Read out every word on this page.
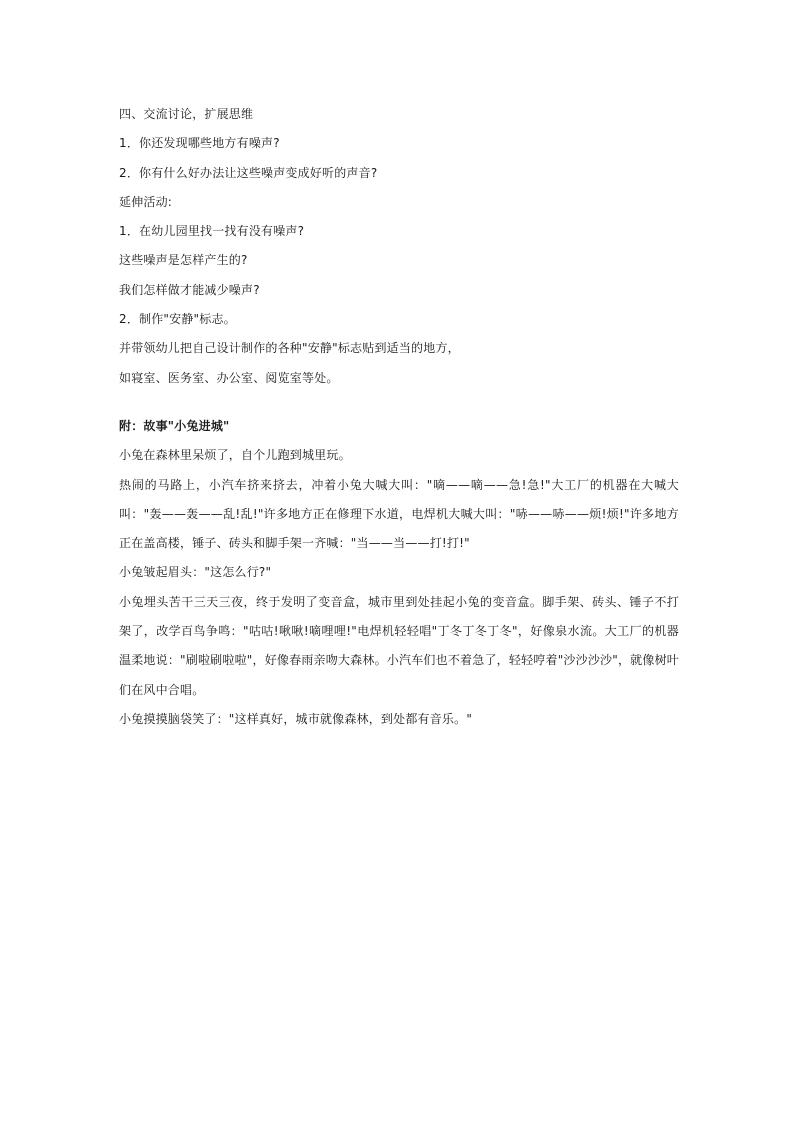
四、交流讨论，扩展思维

1．你还发现哪些地方有噪声?

2．你有什么好办法让这些噪声变成好听的声音?

延伸活动:

1．在幼儿园里找一找有没有噪声?

这些噪声是怎样产生的?

我们怎样做才能减少噪声?

2．制作"安静"标志。

并带领幼儿把自己设计制作的各种"安静"标志贴到适当的地方，

如寝室、医务室、办公室、阅览室等处。

附：故事"小兔进城"

小兔在森林里呆烦了，自个儿跑到城里玩。

热闹的马路上，小汽车挤来挤去，冲着小兔大喊大叫："嘀——嘀——急!急!"大工厂的机器在大喊大叫："轰——轰——乱!乱!"许多地方正在修理下水道，电焊机大喊大叫："哧——哧——烦!烦!"许多地方正在盖高楼，锤子、砖头和脚手架一齐喊："当——当——打!打!"

小兔皱起眉头："这怎么行?"

小兔埋头苦干三天三夜，终于发明了变音盒，城市里到处挂起小兔的变音盒。脚手架、砖头、锤子不打架了，改学百鸟争鸣："咕咕!啾啾!嘀哩哩!"电焊机轻轻唱"丁冬丁冬丁冬"，好像泉水流。大工厂的机器温柔地说："刷啦刷啦啦"，好像春雨亲吻大森林。小汽车们也不着急了，轻轻哼着"沙沙沙沙"，就像树叶们在风中合唱。

小兔摸摸脑袋笑了："这样真好，城市就像森林，到处都有音乐。"
